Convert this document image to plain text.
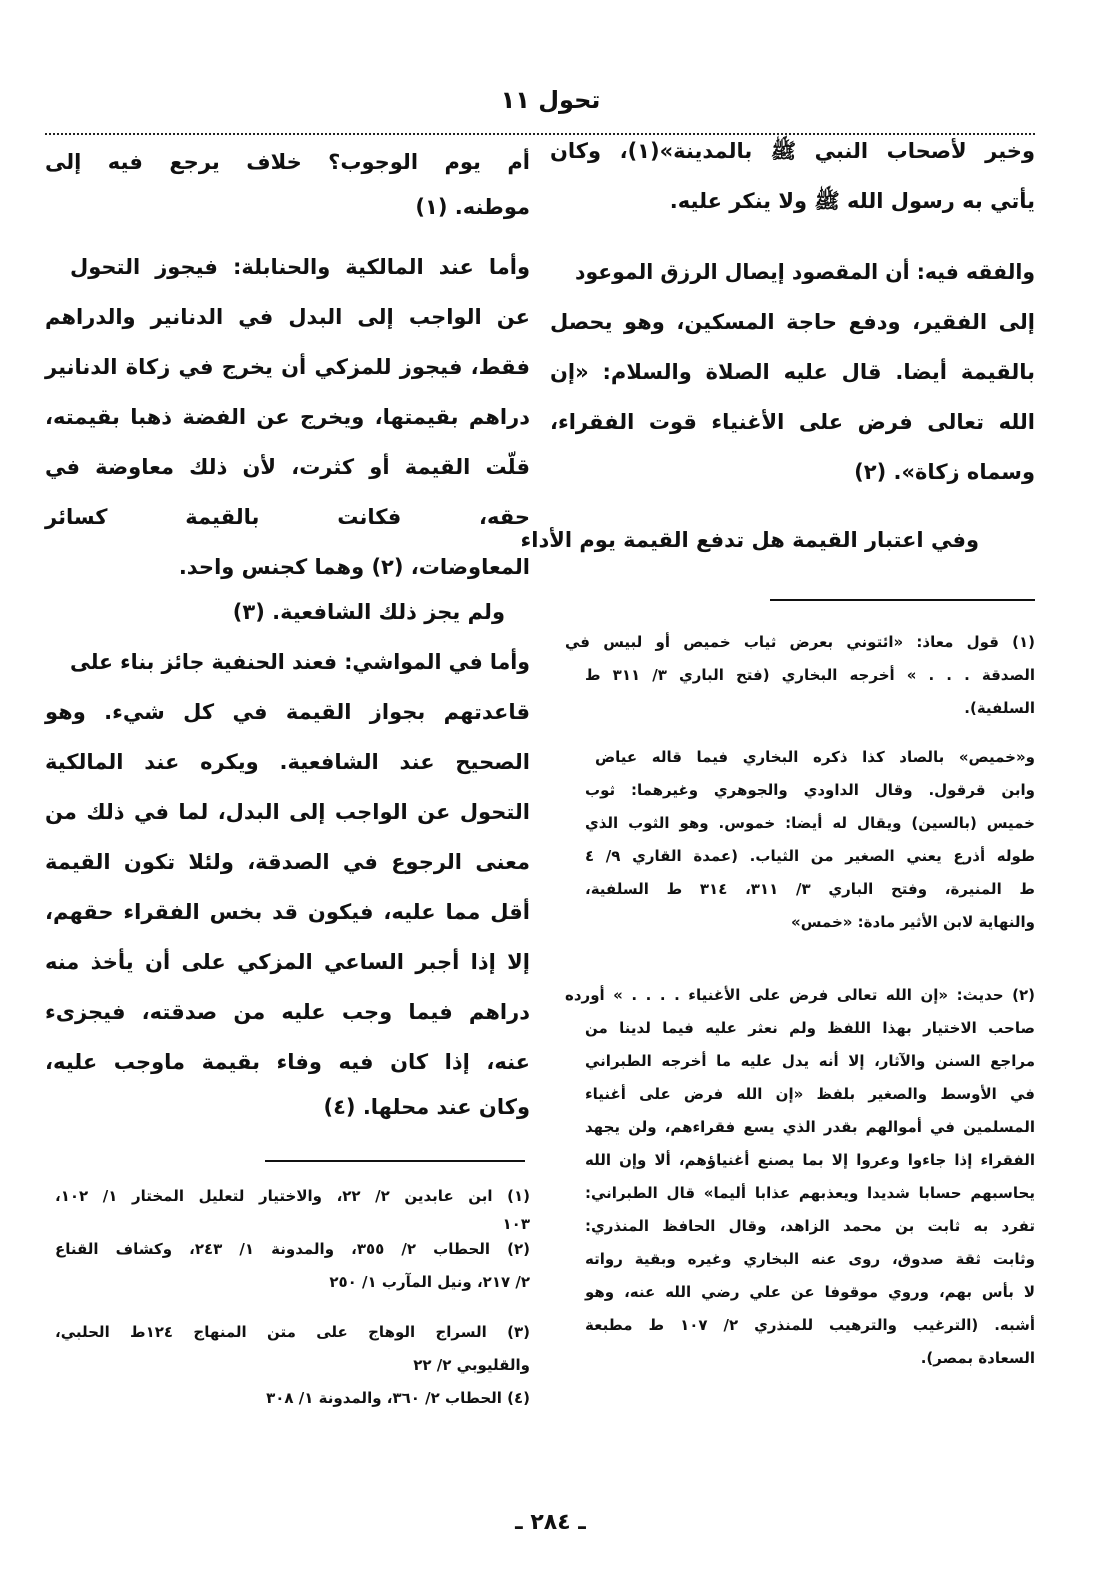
تحول ١١
وخير لأصحاب النبي ﷺ بالمدينة»(١)، وكان
يأتي به رسول الله ﷺ ولا ينكر عليه.
والفقه فيه: أن المقصود إيصال الرزق الموعود
إلى الفقير، ودفع حاجة المسكين، وهو يحصل
بالقيمة أيضا. قال عليه الصلاة والسلام: «إن
الله تعالى فرض على الأغنياء قوت الفقراء،
وسماه زكاة». (٢)
وفي اعتبار القيمة هل تدفع القيمة يوم الأداء
(١) قول معاذ: «ائتوني بعرض ثياب خميص أو لبيس في
الصدقة . . . » أخرجه البخاري (فتح الباري ٣/ ٣١١ ط
السلفية).
و«خميص» بالصاد كذا ذكره البخاري فيما قاله عياض
وابن قرقول. وقال الداودي والجوهري وغيرهما: ثوب
خميس (بالسين) ويقال له أيضا: خموس. وهو الثوب الذي
طوله أذرع يعني الصغير من الثياب. (عمدة القاري ٩/ ٤
ط المنيرة، وفتح الباري ٣/ ٣١١، ٣١٤ ط السلفية،
والنهاية لابن الأثير مادة: «خمس»
(٢) حديث: «إن الله تعالى فرض على الأغنياء . . . . » أورده
صاحب الاختيار بهذا اللفظ ولم نعثر عليه فيما لدينا من
مراجع السنن والآثار، إلا أنه يدل عليه ما أخرجه الطبراني
في الأوسط والصغير بلفظ «إن الله فرض على أغنياء
المسلمين في أموالهم بقدر الذي يسع فقراءهم، ولن يجهد
الفقراء إذا جاءوا وعروا إلا بما يصنع أغنياؤهم، ألا وإن الله
يحاسبهم حسابا شديدا ويعذبهم عذابا أليما» قال الطبراني:
تفرد به ثابت بن محمد الزاهد، وقال الحافظ المنذري:
وثابت ثقة صدوق، روى عنه البخاري وغيره وبقية رواته
لا بأس بهم، وروي موقوفا عن علي رضي الله عنه، وهو
أشبه. (الترغيب والترهيب للمنذري ٢/ ١٠٧ ط مطبعة
السعادة بمصر).
أم يوم الوجوب؟ خلاف يرجع فيه إلى
موطنه. (١)
وأما عند المالكية والحنابلة: فيجوز التحول
عن الواجب إلى البدل في الدنانير والدراهم
فقط، فيجوز للمزكي أن يخرج في زكاة الدنانير
دراهم بقيمتها، ويخرج عن الفضة ذهبا بقيمته،
قلّت القيمة أو كثرت، لأن ذلك معاوضة في
حقه، فكانت بالقيمة كسائر
المعاوضات، (٢) وهما كجنس واحد.
ولم يجز ذلك الشافعية. (٣)
وأما في المواشي: فعند الحنفية جائز بناء على
قاعدتهم بجواز القيمة في كل شيء. وهو
الصحيح عند الشافعية. ويكره عند المالكية
التحول عن الواجب إلى البدل، لما في ذلك من
معنى الرجوع في الصدقة، ولئلا تكون القيمة
أقل مما عليه، فيكون قد بخس الفقراء حقهم،
إلا إذا أجبر الساعي المزكي على أن يأخذ منه
دراهم فيما وجب عليه من صدقته، فيجزىء
عنه، إذا كان فيه وفاء بقيمة ماوجب عليه،
وكان عند محلها. (٤)
(١) ابن عابدين ٢/ ٢٢، والاختيار لتعليل المختار ١/ ١٠٢،
١٠٣
(٢) الحطاب ٢/ ٣٥٥، والمدونة ١/ ٢٤٣، وكشاف القناع
٢/ ٢١٧، ونيل المآرب ١/ ٢٥٠
(٣) السراج الوهاج على متن المنهاج ١٢٤ط الحلبي،
والقليوبي ٢/ ٢٢
(٤) الحطاب ٢/ ٣٦٠، والمدونة ١/ ٣٠٨
ـ ٢٨٤ ـ
